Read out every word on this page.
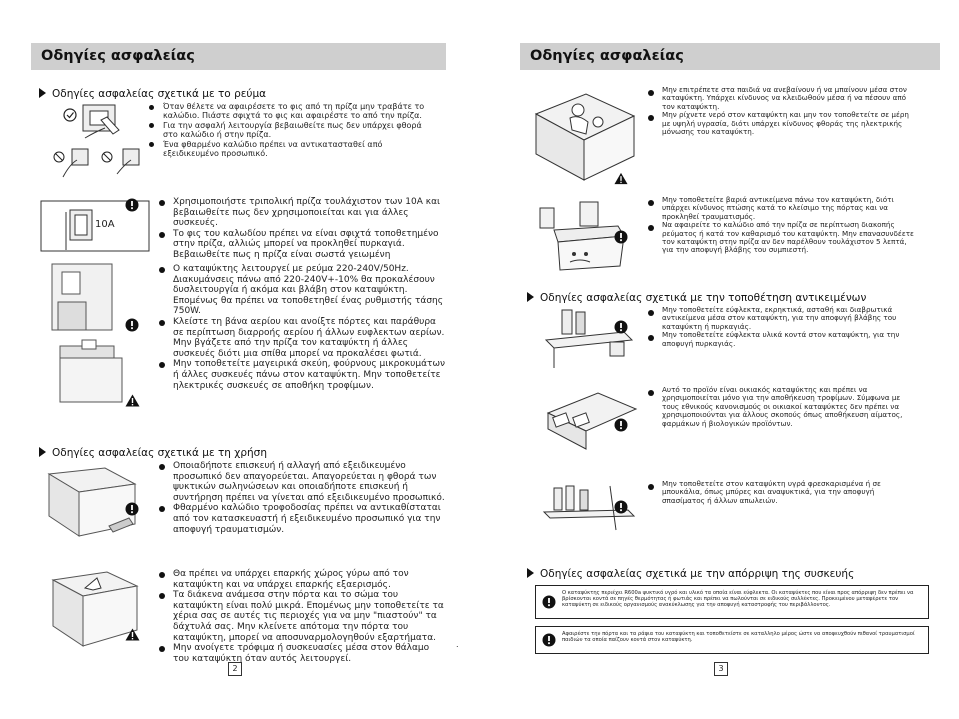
Οδηγίες ασφαλείας
Οδηγίες ασφαλείας σχετικά με το ρεύμα

Όταν θέλετε να αφαιρέσετε το φις από τη πρίζα μην τραβάτε το καλώδιο. Πιάστε σφιχτά το φις και αφαιρέστε το από την πρίζα.

Για την ασφαλή λειτουργία βεβαιωθείτε πως δεν υπάρχει φθορά στο καλώδιο ή στην πρίζα.

Ένα φθαρμένο καλώδιο πρέπει να αντικατασταθεί από εξειδικευμένο προσωπικό.

10A

Χρησιμοποιήστε τριπολική πρίζα τουλάχιστον των 10A και βεβαιωθείτε πως δεν χρησιμοποιείται και για άλλες συσκευές.

Το φις του καλωδίου πρέπει να είναι σφιχτά τοποθετημένο στην πρίζα, αλλιώς μπορεί να προκληθεί πυρκαγιά. Βεβαιωθείτε πως η πρίζα είναι σωστά γειωμένη

Ο καταψύκτης λειτουργεί με ρεύμα 220-240V/50Hz. Διακυμάνσεις πάνω από 220-240V+-10% θα προκαλέσουν δυσλειτουργία ή ακόμα και βλάβη στον καταψύκτη. Επομένως θα πρέπει να τοποθετηθεί ένας ρυθμιστής τάσης 750W.

Κλείστε τη βάνα αερίου και ανοίξτε πόρτες και παράθυρα σε περίπτωση διαρροής αερίου ή άλλων ευφλεκτων αερίων. Μην βγάζετε από την πρίζα τον καταψύκτη ή άλλες συσκευές διότι μια σπίθα μπορεί να προκαλέσει φωτιά.

Μην τοποθετείτε μαγειρικά σκεύη, φούρνους μικροκυμάτων ή άλλες συσκευές πάνω στον καταψύκτη. Μην τοποθετείτε ηλεκτρικές συσκευές σε αποθήκη τροφίμων.

Οδηγίες ασφαλείας σχετικά με τη χρήση

Οποιαδήποτε επισκευή ή αλλαγή από εξειδικευμένο προσωπικό δεν απαγορεύεται. Απαγορεύεται η φθορά των ψυκτικών σωληνώσεων και οποιαδήποτε επισκευή ή συντήρηση πρέπει να γίνεται από εξειδικευμένο προσωπικό.

Φθαρμένο καλώδιο τροφοδοσίας πρέπει να αντικαθίσταται από τον κατασκευαστή ή εξειδικευμένο προσωπικό για την αποφυγή τραυματισμών.

Θα πρέπει να υπάρχει επαρκής χώρος γύρω από τον καταψύκτη και να υπάρχει επαρκής εξαερισμός.

Τα διάκενα ανάμεσα στην πόρτα και το σώμα του καταψύκτη είναι πολύ μικρά. Επομένως μην τοποθετείτε τα χέρια σας σε αυτές τις περιοχές για να μην "πιαστούν" τα δάχτυλά σας. Μην κλείνετε απότομα την πόρτα του καταψύκτη, μπορεί να αποσυναρμολογηθούν εξαρτήματα.

Μην ανοίγετε τρόφιμα ή συσκευασίες μέσα στον θάλαμο του καταψύκτη όταν αυτός λειτουργεί.

2
.
Οδηγίες ασφαλείας

Μην επιτρέπετε στα παιδιά να ανεβαίνουν ή να μπαίνουν μέσα στον καταψύκτη. Υπάρχει κίνδυνος να κλειδωθούν μέσα ή να πέσουν από τον καταψύκτη.

Μην ρίχνετε νερό στον καταψύκτη και μην τον τοποθετείτε σε μέρη με υψηλή υγρασία, διότι υπάρχει κίνδυνος φθοράς της ηλεκτρικής μόνωσης του καταψύκτη.

Μην τοποθετείτε βαριά αντικείμενα πάνω τον καταψύκτη, διότι υπάρχει κίνδυνος πτώσης κατά το κλείσιμο της πόρτας και να προκληθεί τραυματισμός.

Να αφαιρείτε το καλώδιο από την πρίζα σε περίπτωση διακοπής ρεύματος ή κατά τον καθαρισμό του καταψύκτη. Μην επανασυνδέετε τον καταψύκτη στην πρίζα αν δεν παρέλθουν τουλάχιστον 5 λεπτά, για την αποφυγή βλάβης του συμπιεστή.

Οδηγίες ασφαλείας σχετικά με την τοποθέτηση αντικειμένων

Μην τοποθετείτε εύφλεκτα, εκρηκτικά, ασταθή και διαβρωτικά αντικείμενα μέσα στον καταψύκτη, για την αποφυγή βλάβης του καταψύκτη ή πυρκαγιάς.

Μην τοποθετείτε εύφλεκτα υλικά κοντά στον καταψύκτη, για την αποφυγή πυρκαγιάς.

Αυτό το προϊόν είναι οικιακός καταψύκτης και πρέπει να χρησιμοποιείται μόνο για την αποθήκευση τροφίμων. Σύμφωνα με τους εθνικούς κανονισμούς οι οικιακοί καταψύκτες δεν πρέπει να χρησιμοποιούνται για άλλους σκοπούς όπως αποθήκευση αίματος, φαρμάκων ή βιολογικών προϊόντων.

Μην τοποθετείτε στον καταψύκτη υγρά φρεσκαρισμένα ή σε μπουκάλια, όπως μπύρες και αναψυκτικά, για την αποφυγή σπασίματος ή άλλων απωλειών.

Οδηγίες ασφαλείας σχετικά με την απόρριψη της συσκευής
Ο καταψύκτης περιέχει R600a ψυκτικό υγρό και υλικό τα οποία είναι εύφλεκτα. Οι καταψύκτες που είναι προς απόρριψη δεν πρέπει να βρίσκονται κοντά σε πηγές θερμότητας ή φωτιάς και πρέπει να πωλούνται σε ειδικούς συλλέκτες. Προκειμένου μεταφέρετε τον καταψύκτη σε ειδικούς οργανισμούς ανακύκλωσης για την αποφυγή καταστροφής του περιβάλλοντος.
Αφαιρέστε την πόρτα και τα ράφια του καταψύκτη και τοποθετείστε σε καταλληλο μέρος ώστε να αποφευχθούν πιθανοί τραυματισμοί παιδιών τα οποία παίζουν κοντά στον καταψύκτη.
3
